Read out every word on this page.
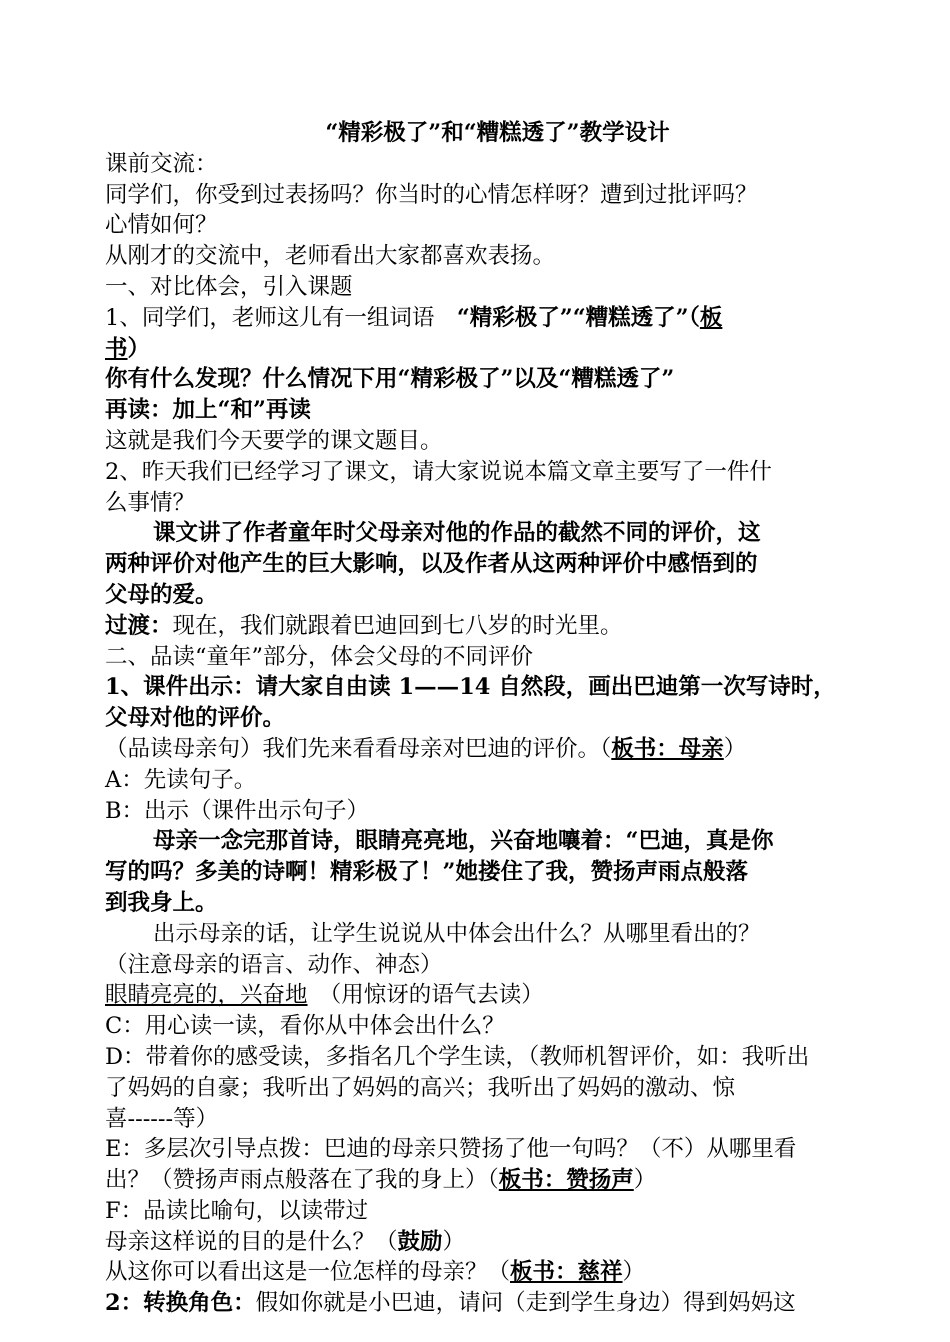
“精彩极了”和“糟糕透了”教学设计
课前交流：
同学们，你受到过表扬吗？你当时的心情怎样呀？遭到过批评吗？
心情如何？
从刚才的交流中，老师看出大家都喜欢表扬。
一、对比体会，引入课题
1、同学们，老师这儿有一组词语　“精彩极了”“糟糕透了”（板
书）
你有什么发现？什么情况下用“精彩极了”以及“糟糕透了”
再读：加上“和”再读
这就是我们今天要学的课文题目。
2、昨天我们已经学习了课文，请大家说说本篇文章主要写了一件什
么事情？
课文讲了作者童年时父母亲对他的作品的截然不同的评价，这
两种评价对他产生的巨大影响，以及作者从这两种评价中感悟到的
父母的爱。
过渡：现在，我们就跟着巴迪回到七八岁的时光里。
二、品读“童年”部分，体会父母的不同评价
1、课件出示：请大家自由读 1——14 自然段，画出巴迪第一次写诗时，
父母对他的评价。
（品读母亲句）我们先来看看母亲对巴迪的评价。（板书：母亲）
A：先读句子。
B：出示（课件出示句子）
母亲一念完那首诗，眼睛亮亮地，兴奋地嚷着：“巴迪，真是你
写的吗？多美的诗啊！精彩极了！”她搂住了我，赞扬声雨点般落
到我身上。
出示母亲的话，让学生说说从中体会出什么？从哪里看出的？
（注意母亲的语言、动作、神态）
眼睛亮亮的，兴奋地　（用惊讶的语气去读）
C：用心读一读，看你从中体会出什么？
D：带着你的感受读，多指名几个学生读，（教师机智评价，如：我听出
了妈妈的自豪；我听出了妈妈的高兴；我听出了妈妈的激动、惊
喜------等）
E：多层次引导点拨：巴迪的母亲只赞扬了他一句吗？（不）从哪里看
出？（赞扬声雨点般落在了我的身上）（板书：赞扬声）
F：品读比喻句，以读带过
母亲这样说的目的是什么？（鼓励）
从这你可以看出这是一位怎样的母亲？（板书：慈祥）
2：转换角色：假如你就是小巴迪，请问（走到学生身边）得到妈妈这
